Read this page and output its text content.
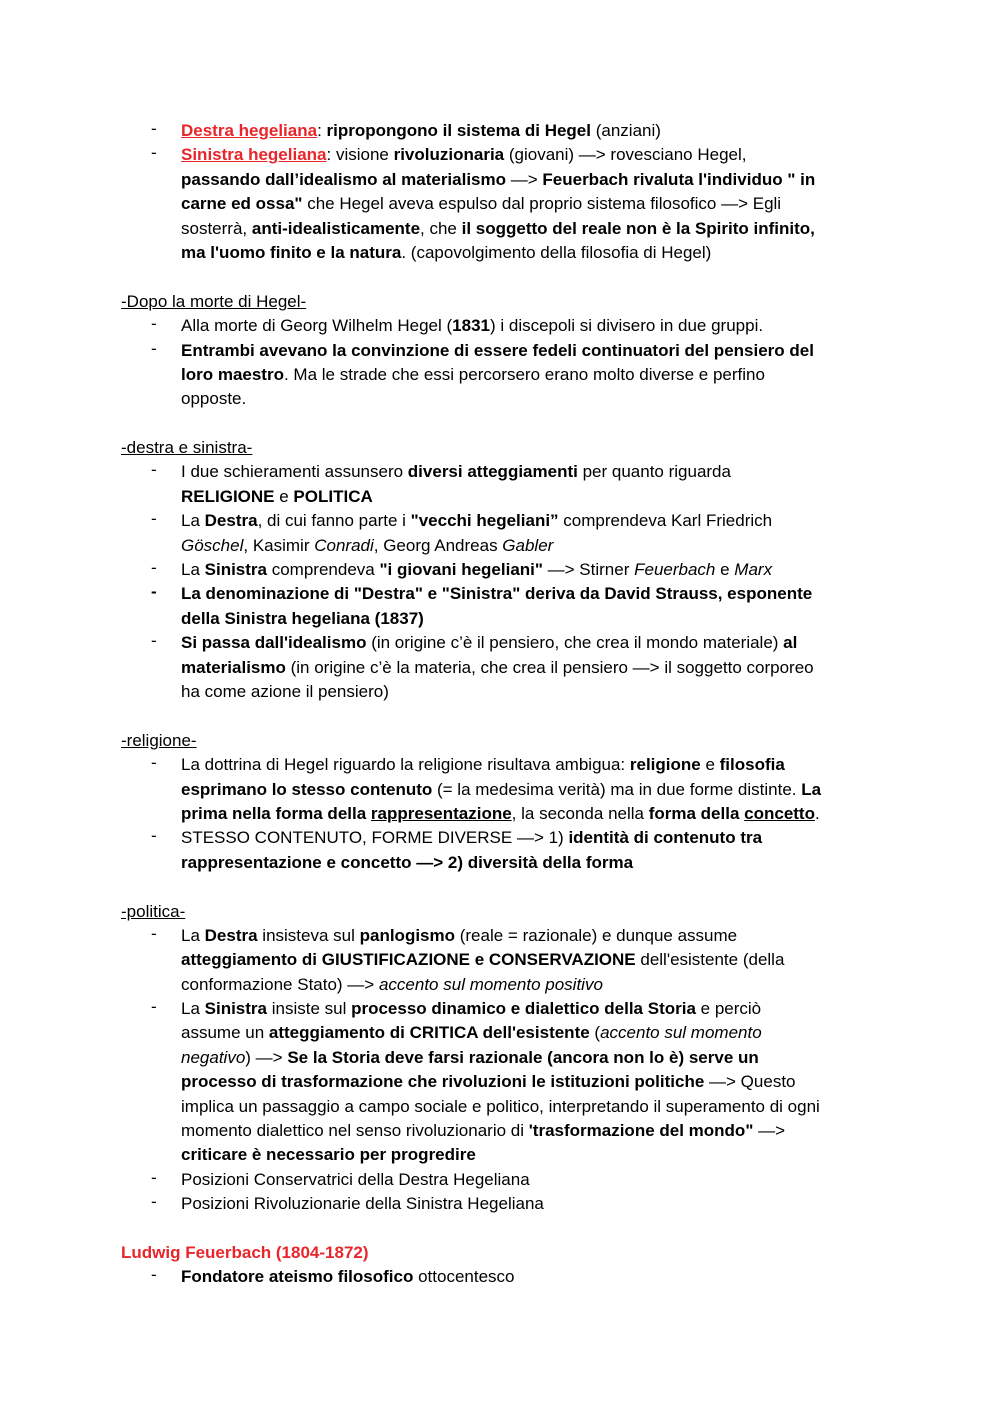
- Destra hegeliana: ripropongono il sistema di Hegel (anziani)
- Sinistra hegeliana: visione rivoluzionaria (giovani) —> rovesciano Hegel,
passando dall’idealismo al materialismo —> Feuerbach rivaluta l'individuo " in
carne ed ossa" che Hegel aveva espulso dal proprio sistema filosofico —> Egli
sosterrà, anti-idealisticamente, che il soggetto del reale non è la Spirito infinito,
ma l'uomo finito e la natura. (capovolgimento della filosofia di Hegel)
-Dopo la morte di Hegel-
- Alla morte di Georg Wilhelm Hegel (1831) i discepoli si divisero in due gruppi.
- Entrambi avevano la convinzione di essere fedeli continuatori del pensiero del
loro maestro. Ma le strade che essi percorsero erano molto diverse e perfino
opposte.
-destra e sinistra-
- I due schieramenti assunsero diversi atteggiamenti per quanto riguarda
RELIGIONE e POLITICA
- La Destra, di cui fanno parte i "vecchi hegeliani” comprendeva Karl Friedrich
Göschel, Kasimir Conradi, Georg Andreas Gabler
- La Sinistra comprendeva "i giovani hegeliani" —> Stirner Feuerbach e Marx
- La denominazione di "Destra" e "Sinistra" deriva da David Strauss, esponente
della Sinistra hegeliana (1837)
- Si passa dall'idealismo (in origine c’è il pensiero, che crea il mondo materiale) al
materialismo (in origine c’è la materia, che crea il pensiero —> il soggetto corporeo
ha come azione il pensiero)
-religione-
- La dottrina di Hegel riguardo la religione risultava ambigua: religione e filosofia
esprimano lo stesso contenuto (= la medesima verità) ma in due forme distinte. La
prima nella forma della rappresentazione, la seconda nella forma della concetto.
- STESSO CONTENUTO, FORME DIVERSE —> 1) identità di contenuto tra
rappresentazione e concetto —> 2) diversità della forma
-politica-
- La Destra insisteva sul panlogismo (reale = razionale) e dunque assume
atteggiamento di GIUSTIFICAZIONE e CONSERVAZIONE dell'esistente (della
conformazione Stato) —> accento sul momento positivo
- La Sinistra insiste sul processo dinamico e dialettico della Storia e perciò
assume un atteggiamento di CRITICA dell'esistente (accento sul momento
negativo) —> Se la Storia deve farsi razionale (ancora non lo è) serve un
processo di trasformazione che rivoluzioni le istituzioni politiche —> Questo
implica un passaggio a campo sociale e politico, interpretando il superamento di ogni
momento dialettico nel senso rivoluzionario di 'trasformazione del mondo" —>
criticare è necessario per progredire
- Posizioni Conservatrici della Destra Hegeliana
- Posizioni Rivoluzionarie della Sinistra Hegeliana
Ludwig Feuerbach (1804-1872)
- Fondatore ateismo filosofico ottocentesco
